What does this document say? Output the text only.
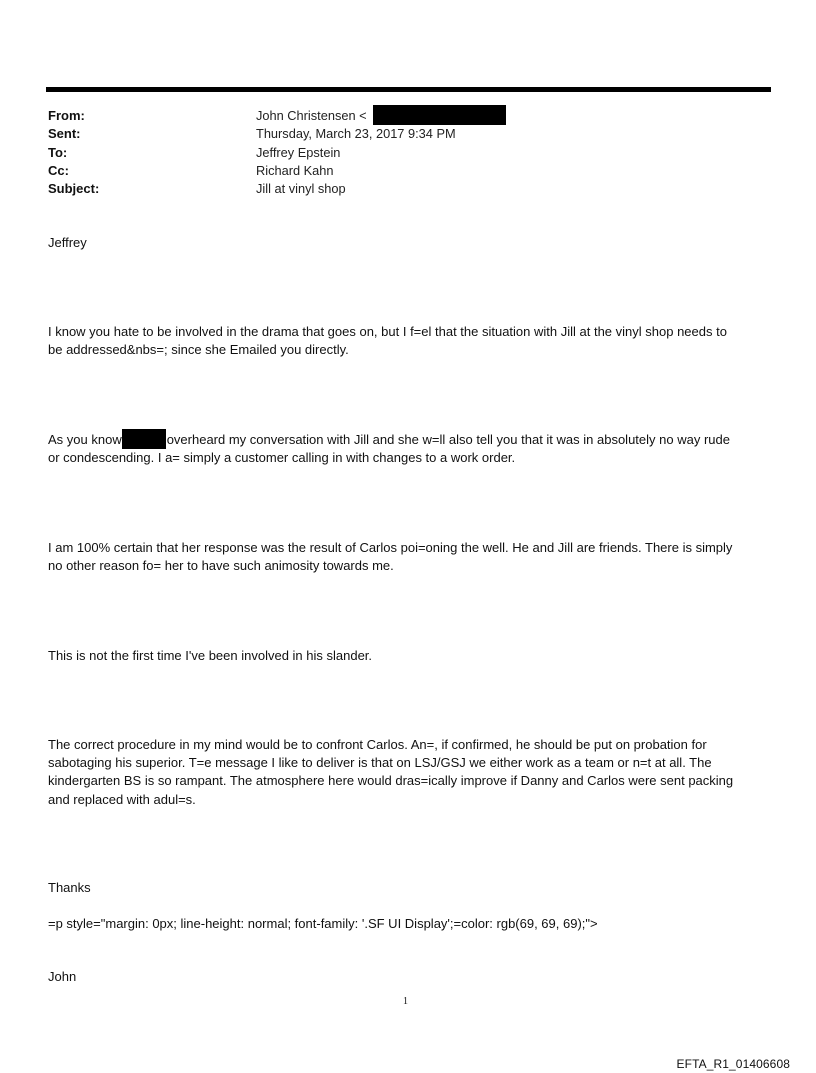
From:	John Christensen <
Sent:	Thursday, March 23, 2017 9:34 PM
To:	Jeffrey Epstein
Cc:	Richard Kahn
Subject:	Jill at vinyl shop
Jeffrey
I know you hate to be involved in the drama that goes on, but I f=el that the situation with Jill at the vinyl shop needs to
be addressed&nbs=; since she Emailed you directly.
As you know	overheard my conversation with Jill and she w=ll also tell you that it was in absolutely no way rude
or condescending. I a= simply a customer calling in with changes to a work order.
I am 100% certain that her response was the result of Carlos poi=oning the well. He and Jill are friends. There is simply
no other reason fo= her to have such animosity towards me.
This is not the first time I've been involved in his slander.
The correct procedure in my mind would be to confront Carlos. An=, if confirmed, he should be put on probation for
sabotaging his superior. T=e message I like to deliver is that on LSJ/GSJ we either work as a team or n=t at all. The
kindergarten BS is so rampant. The atmosphere here would dras=ically improve if Danny and Carlos were sent packing
and replaced with adul=s.
Thanks
=p style="margin: 0px; line-height: normal; font-family: '.SF UI Display';=color: rgb(69, 69, 69);">
John
1
EFTA_R1_01406608
